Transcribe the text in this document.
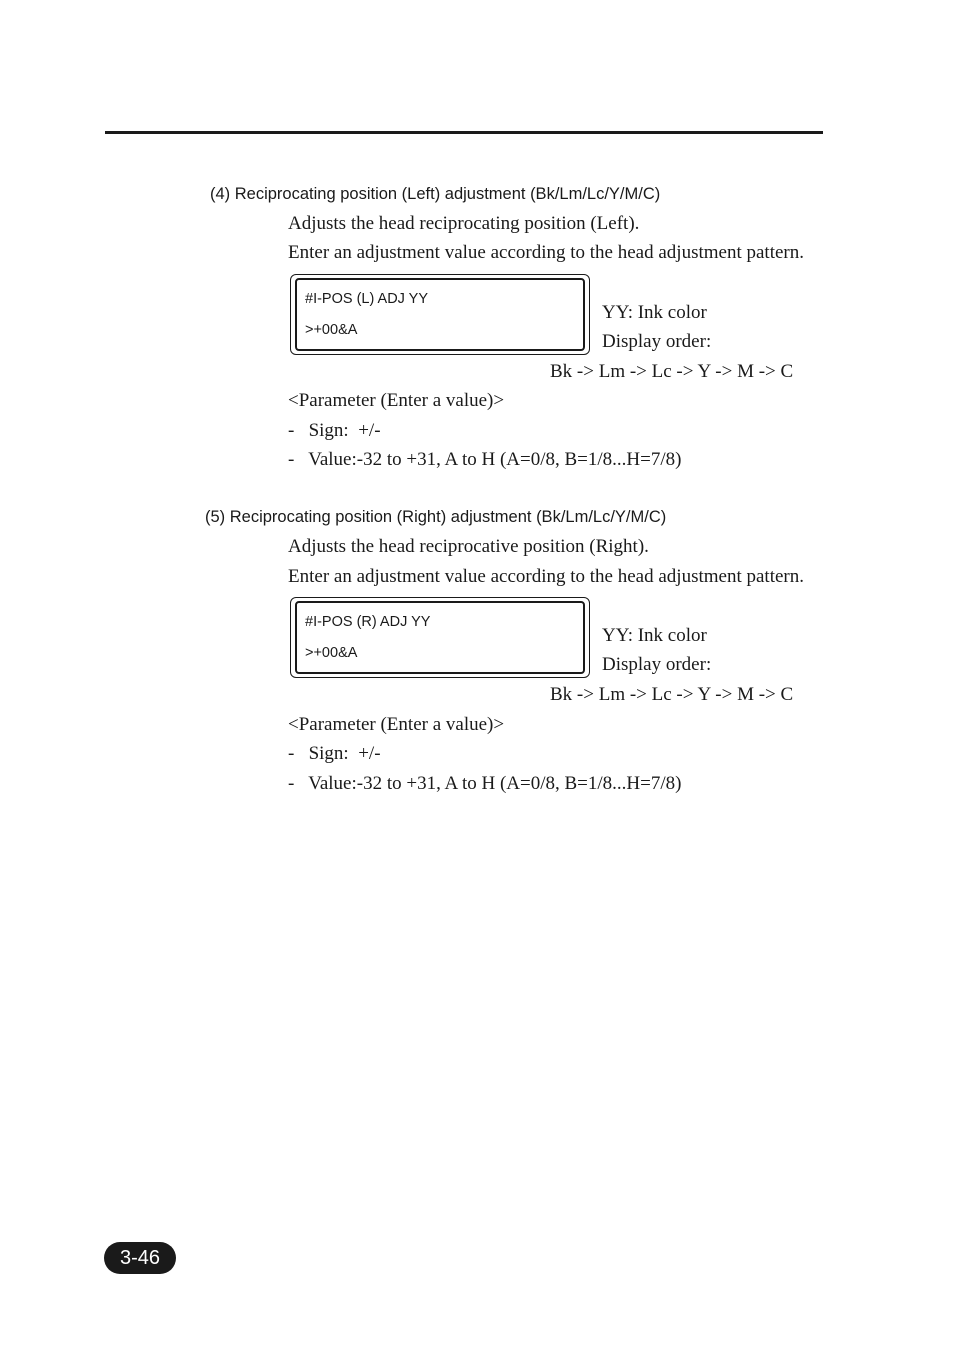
(4) Reciprocating position (Left) adjustment (Bk/Lm/Lc/Y/M/C)
Adjusts the head reciprocating position (Left).
Enter an adjustment value according to the head adjustment pattern.
#I-POS (L) ADJ YY
>+00&A
YY: Ink color
Display order:
Bk -> Lm -> Lc -> Y -> M -> C
<Parameter (Enter a value)>
-   Sign:  +/-
-   Value:-32 to +31, A to H (A=0/8, B=1/8...H=7/8)
(5) Reciprocating position (Right) adjustment (Bk/Lm/Lc/Y/M/C)
Adjusts the head reciprocative position (Right).
Enter an adjustment value according to the head adjustment pattern.
#I-POS (R) ADJ YY
>+00&A
YY: Ink color
Display order:
Bk -> Lm -> Lc -> Y -> M -> C
<Parameter (Enter a value)>
-   Sign:  +/-
-   Value:-32 to +31, A to H (A=0/8, B=1/8...H=7/8)
3-46
